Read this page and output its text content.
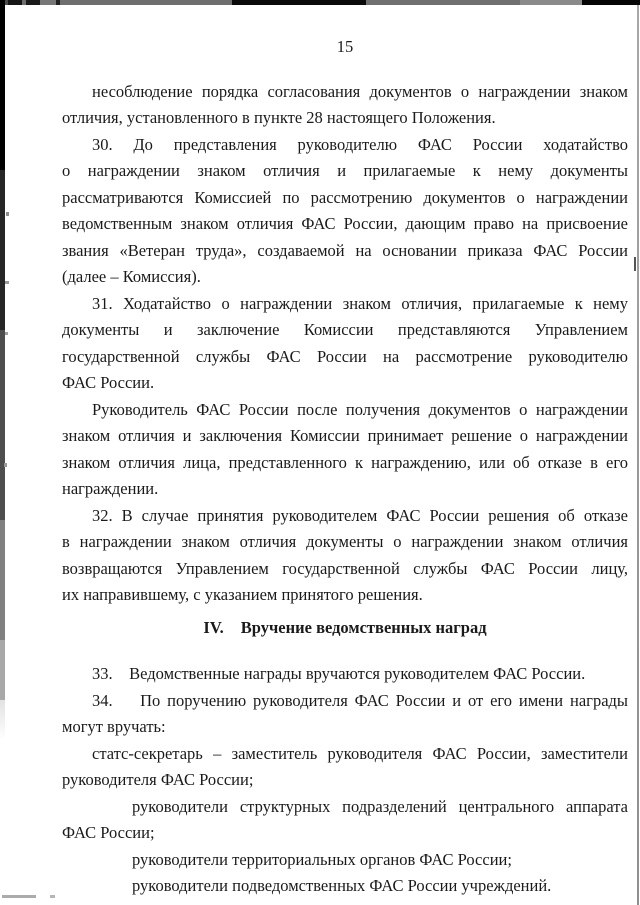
15

несоблюдение порядка согласования документов о награждении знаком
отличия, установленного в пункте 28 настоящего Положения.

30. До представления руководителю ФАС России ходатайство
о награждении знаком отличия и прилагаемые к нему документы
рассматриваются Комиссией по рассмотрению документов о награждении
ведомственным знаком отличия ФАС России, дающим право на присвоение
звания «Ветеран труда», создаваемой на основании приказа ФАС России
(далее – Комиссия).

31. Ходатайство о награждении знаком отличия, прилагаемые к нему
документы и заключение Комиссии представляются Управлением
государственной службы ФАС России на рассмотрение руководителю
ФАС России.

Руководитель ФАС России после получения документов о награждении
знаком отличия и заключения Комиссии принимает решение о награждении
знаком отличия лица, представленного к награждению, или об отказе в его
награждении.

32. В случае принятия руководителем ФАС России решения об отказе
в награждении знаком отличия документы о награждении знаком отличия
возвращаются Управлением государственной службы ФАС России лицу,
их направившему, с указанием принятого решения.

IV. Вручение ведомственных наград

33.    Ведомственные награды вручаются руководителем ФАС России.

34.    По поручению руководителя ФАС России и от его имени награды
могут вручать:

статс-секретарь – заместитель руководителя ФАС России, заместители
руководителя ФАС России;

руководители структурных подразделений центрального аппарата
ФАС России;

руководители территориальных органов ФАС России;

руководители подведомственных ФАС России учреждений.
